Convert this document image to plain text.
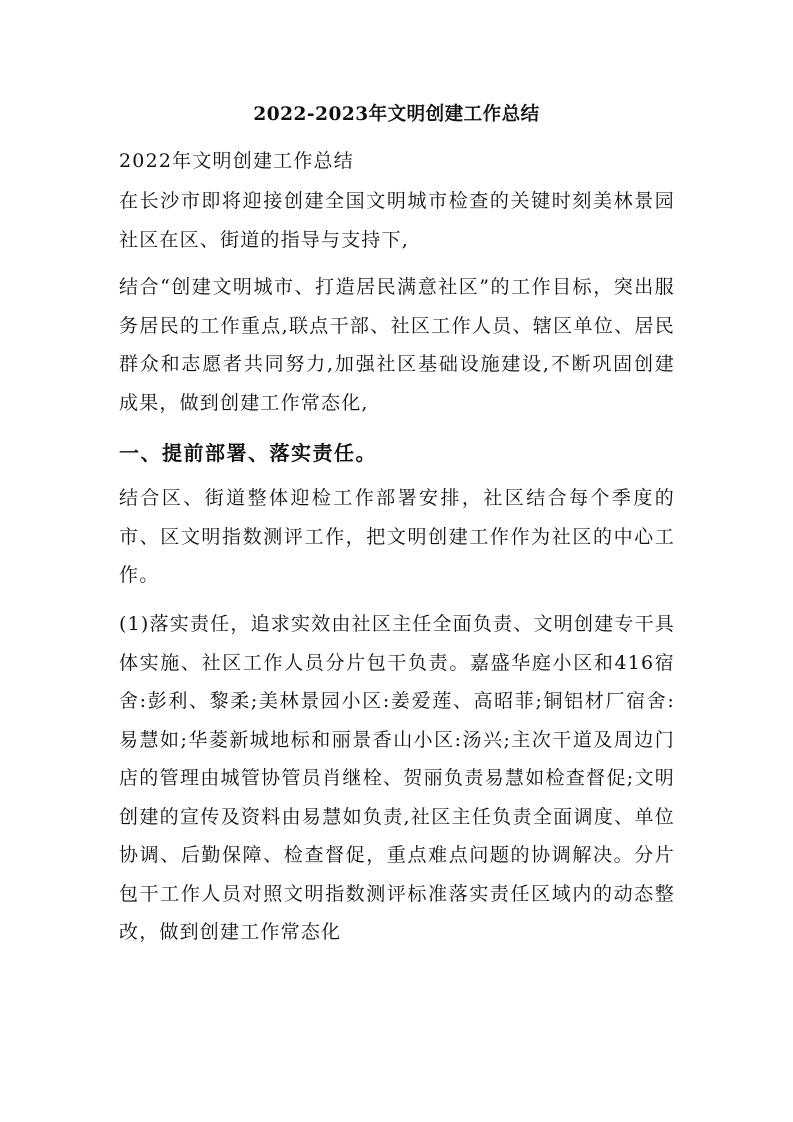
2022-2023年文明创建工作总结
2022年文明创建工作总结
在长沙市即将迎接创建全国文明城市检查的关键时刻美林景园社区在区、街道的指导与支持下,
结合“创建文明城市、打造居民满意社区”的工作目标，突出服务居民的工作重点,联点干部、社区工作人员、辖区单位、居民群众和志愿者共同努力,加强社区基础设施建设,不断巩固创建成果，做到创建工作常态化,
一、提前部署、落实责任。
结合区、街道整体迎检工作部署安排，社区结合每个季度的市、区文明指数测评工作，把文明创建工作作为社区的中心工作。
(1)落实责任，追求实效由社区主任全面负责、文明创建专干具体实施、社区工作人员分片包干负责。嘉盛华庭小区和416宿舍:彭利、黎柔;美林景园小区:姜爱莲、高昭菲;铜铝材厂宿舍:易慧如;华菱新城地标和丽景香山小区:汤兴;主次干道及周边门店的管理由城管协管员肖继栓、贺丽负责易慧如检查督促;文明创建的宣传及资料由易慧如负责,社区主任负责全面调度、单位协调、后勤保障、检查督促，重点难点问题的协调解决。分片包干工作人员对照文明指数测评标准落实责任区域内的动态整改，做到创建工作常态化
